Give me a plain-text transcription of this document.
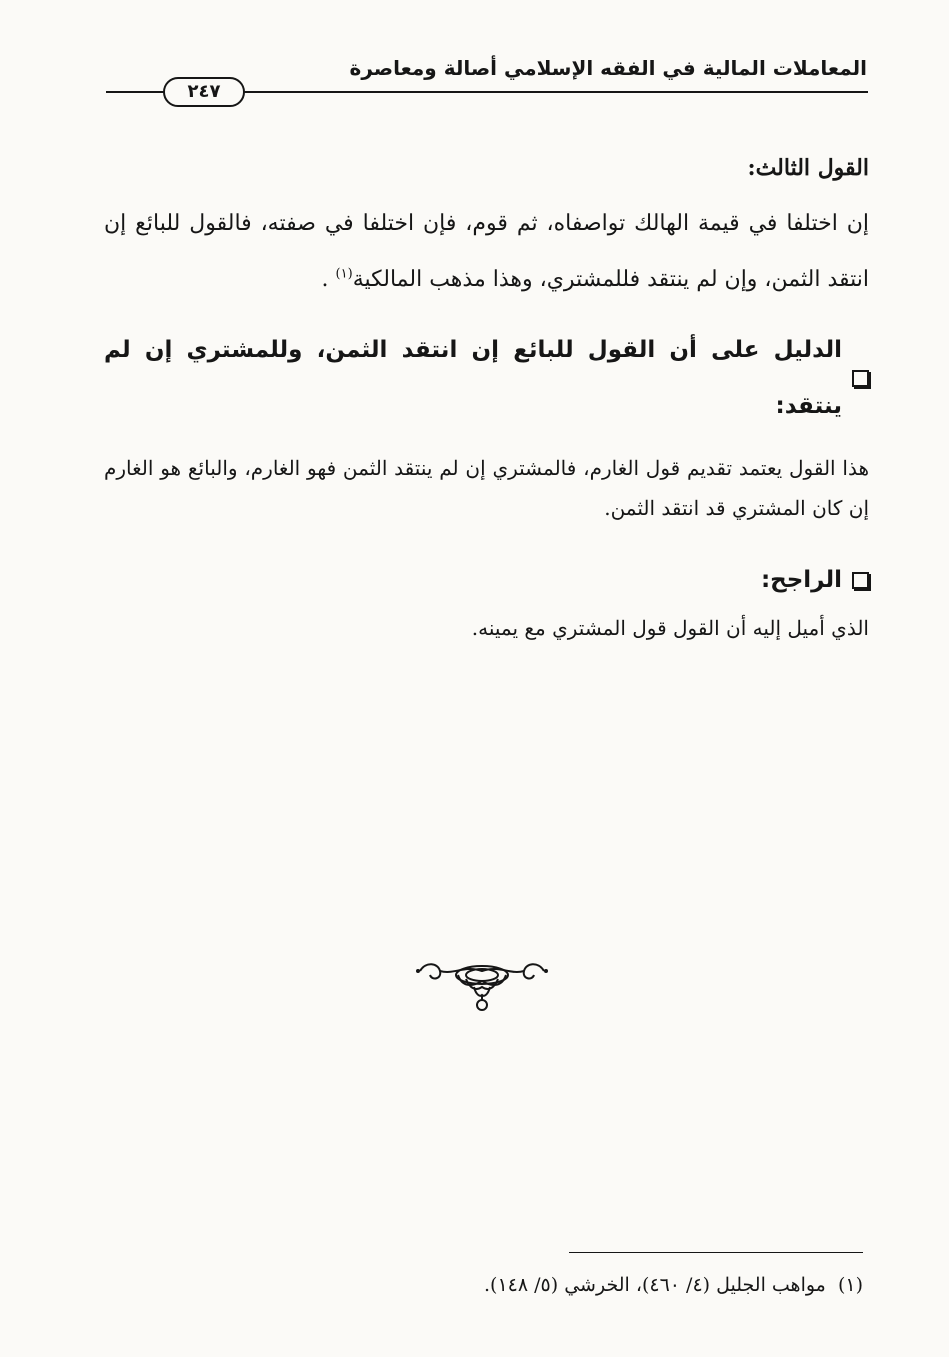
المعاملات المالية في الفقه الإسلامي أصالة ومعاصرة
٢٤٧

القول الثالث:

إن اختلفا في قيمة الهالك تواصفاه، ثم قوم، فإن اختلفا في صفته، فالقول للبائع إن انتقد الثمن، وإن لم ينتقد فللمشتري، وهذا مذهب المالكية$^{(١)}$ .

الدليل على أن القول للبائع إن انتقد الثمن، وللمشتري إن لم ينتقد:

هذا القول يعتمد تقديم قول الغارم، فالمشتري إن لم ينتقد الثمن فهو الغارم، والبائع هو الغارم إن كان المشتري قد انتقد الثمن.

الراجح:

الذي أميل إليه أن القول قول المشتري مع يمينه.

(١)  مواهب الجليل (٤/ ٤٦٠)، الخرشي (٥/ ١٤٨).
